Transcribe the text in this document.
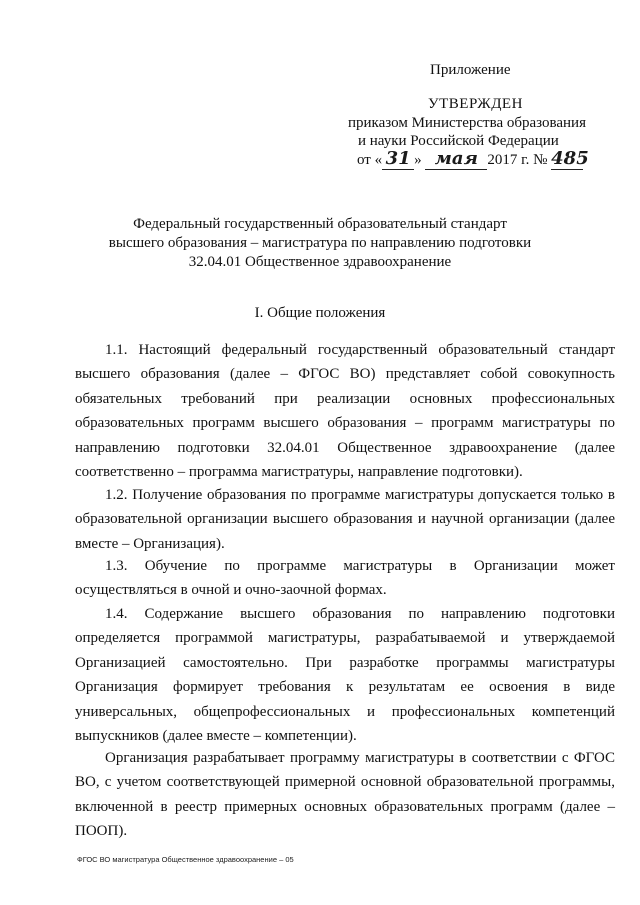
Приложение
УТВЕРЖДЕН
приказом Министерства образования
и науки Российской Федерации
от « 31 » мая 2017 г. № 485
Федеральный государственный образовательный стандарт
высшего образования – магистратура по направлению подготовки
32.04.01 Общественное здравоохранение
I. Общие положения
1.1. Настоящий федеральный государственный образовательный стандарт высшего образования (далее – ФГОС ВО) представляет собой совокупность обязательных требований при реализации основных профессиональных образовательных программ высшего образования – программ магистратуры по направлению подготовки 32.04.01 Общественное здравоохранение (далее соответственно – программа магистратуры, направление подготовки).
1.2. Получение образования по программе магистратуры допускается только в образовательной организации высшего образования и научной организации (далее вместе – Организация).
1.3. Обучение по программе магистратуры в Организации может осуществляться в очной и очно-заочной формах.
1.4. Содержание высшего образования по направлению подготовки определяется программой магистратуры, разрабатываемой и утверждаемой Организацией самостоятельно. При разработке программы магистратуры Организация формирует требования к результатам ее освоения в виде универсальных, общепрофессиональных и профессиональных компетенций выпускников (далее вместе – компетенции).
Организация разрабатывает программу магистратуры в соответствии с ФГОС ВО, с учетом соответствующей примерной основной образовательной программы, включенной в реестр примерных основных образовательных программ (далее – ПООП).
ФГОС ВО магистратура Общественное здравоохранение – 05
